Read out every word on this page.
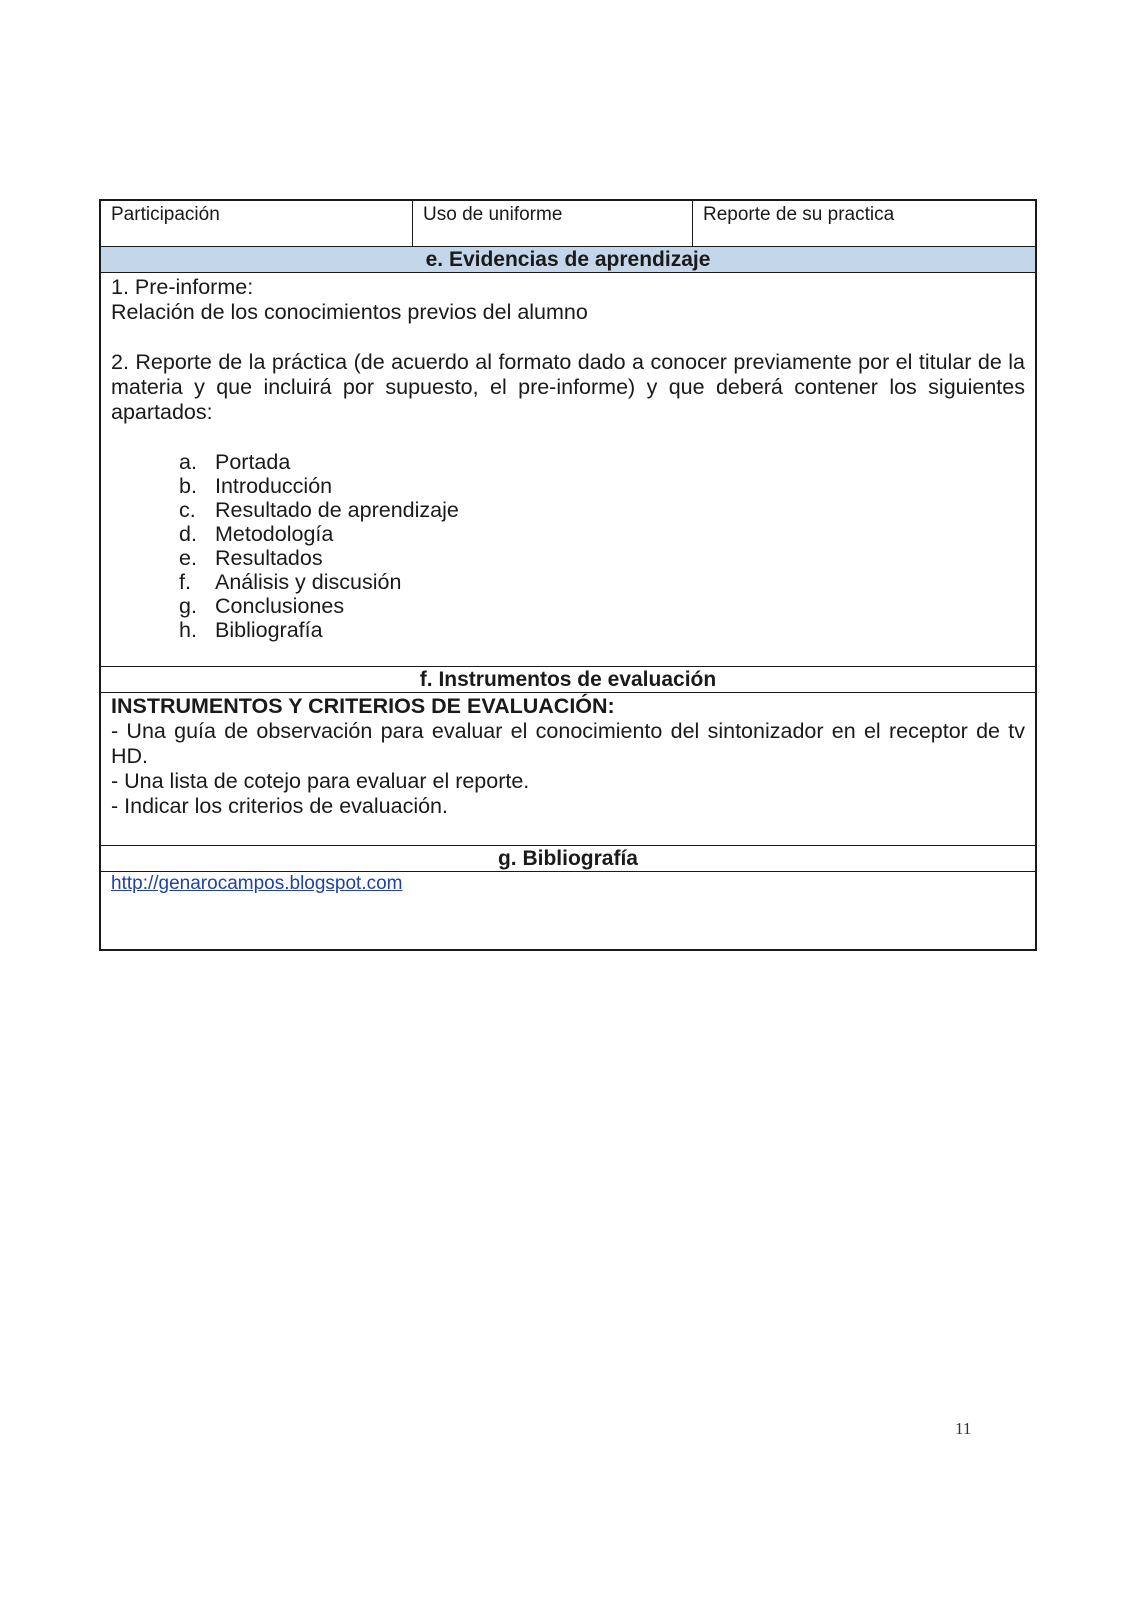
Participación	Uso de uniforme	Reporte de su practica
e. Evidencias de aprendizaje

1. Pre-informe:

Relación de los conocimientos previos del alumno

2. Reporte de la práctica (de acuerdo al formato dado a conocer previamente por el titular de la materia y que incluirá por supuesto, el pre-informe) y que deberá contener los siguientes apartados:

a. Portada
b. Introducción
c. Resultado de aprendizaje
d. Metodología
e. Resultados
f.	Análisis y discusión
g. Conclusiones
h. Bibliografía
f. Instrumentos de evaluación

INSTRUMENTOS Y CRITERIOS DE EVALUACIÓN:

- Una guía de observación para evaluar el conocimiento del sintonizador en el receptor de tv HD.

- Una lista de cotejo para evaluar el reporte.

- Indicar los criterios de evaluación.

g. Bibliografía
http://genarocampos.blogspot.com
11
